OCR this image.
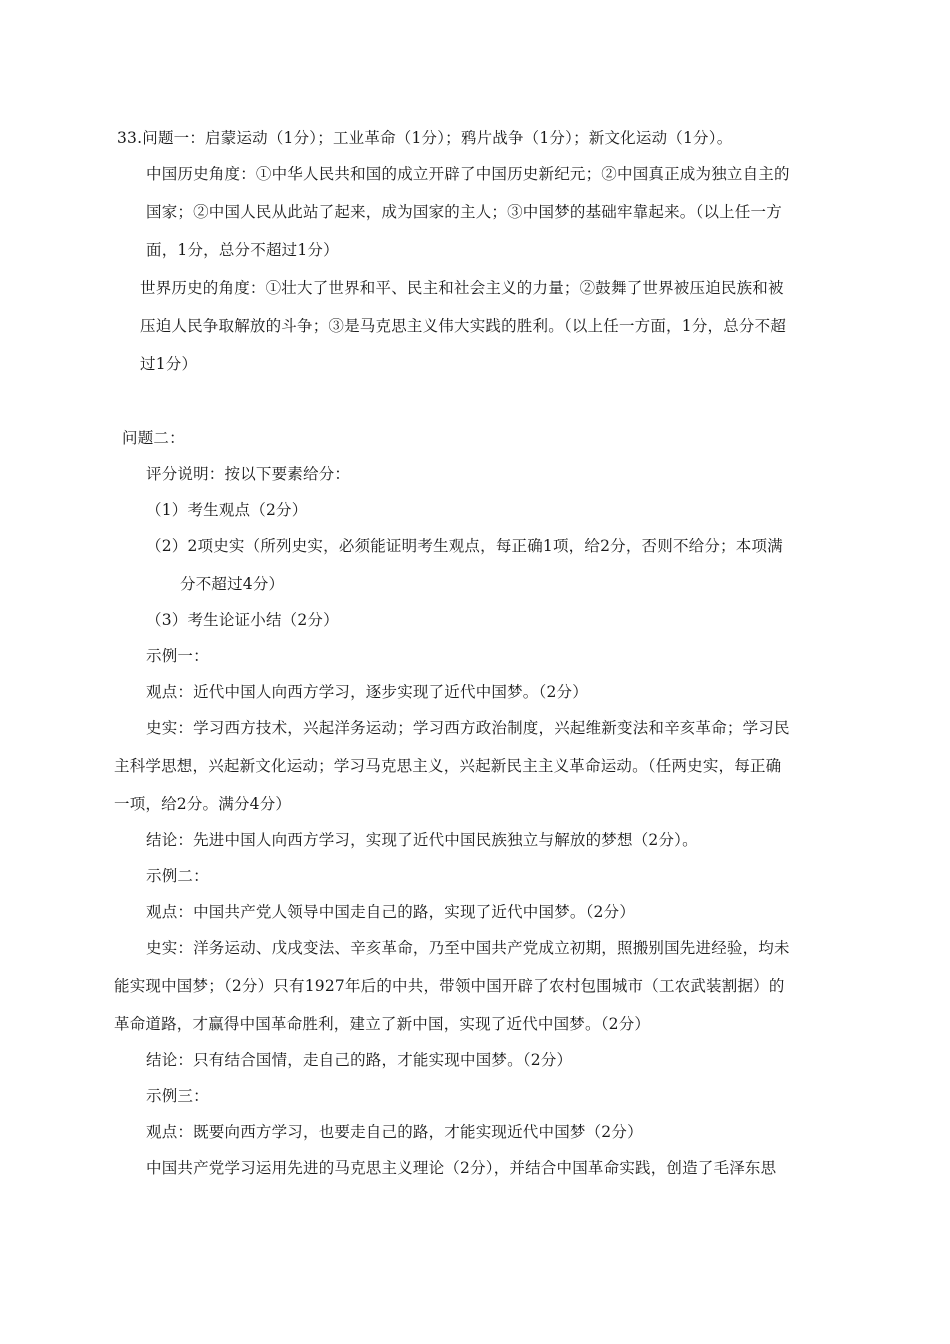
33.问题一：启蒙运动（1分）；工业革命（1分）；鸦片战争（1分）；新文化运动（1分）。
中国历史角度：①中华人民共和国的成立开辟了中国历史新纪元；②中国真正成为独立自主的
国家；②中国人民从此站了起来，成为国家的主人；③中国梦的基础牢靠起来。（以上任一方
面，1分，总分不超过1分）
世界历史的角度：①壮大了世界和平、民主和社会主义的力量；②鼓舞了世界被压迫民族和被
压迫人民争取解放的斗争；③是马克思主义伟大实践的胜利。（以上任一方面，1分，总分不超
过1分）
问题二：
评分说明：按以下要素给分：
（1）考生观点（2分）
（2）2项史实（所列史实，必须能证明考生观点，每正确1项，给2分，否则不给分；本项满
分不超过4分）
（3）考生论证小结（2分）
示例一：
观点：近代中国人向西方学习，逐步实现了近代中国梦。（2分）
史实：学习西方技术，兴起洋务运动；学习西方政治制度，兴起维新变法和辛亥革命；学习民
主科学思想，兴起新文化运动；学习马克思主义，兴起新民主主义革命运动。（任两史实，每正确
一项，给2分。满分4分）
结论：先进中国人向西方学习，实现了近代中国民族独立与解放的梦想（2分）。
示例二：
观点：中国共产党人领导中国走自己的路，实现了近代中国梦。（2分）
史实：洋务运动、戊戌变法、辛亥革命，乃至中国共产党成立初期，照搬别国先进经验，均未
能实现中国梦；（2分）只有1927年后的中共，带领中国开辟了农村包围城市（工农武装割据）的
革命道路，才赢得中国革命胜利，建立了新中国，实现了近代中国梦。（2分）
结论：只有结合国情，走自己的路，才能实现中国梦。（2分）
示例三：
观点：既要向西方学习，也要走自己的路，才能实现近代中国梦（2分）
中国共产党学习运用先进的马克思主义理论（2分），并结合中国革命实践，创造了毛泽东思
